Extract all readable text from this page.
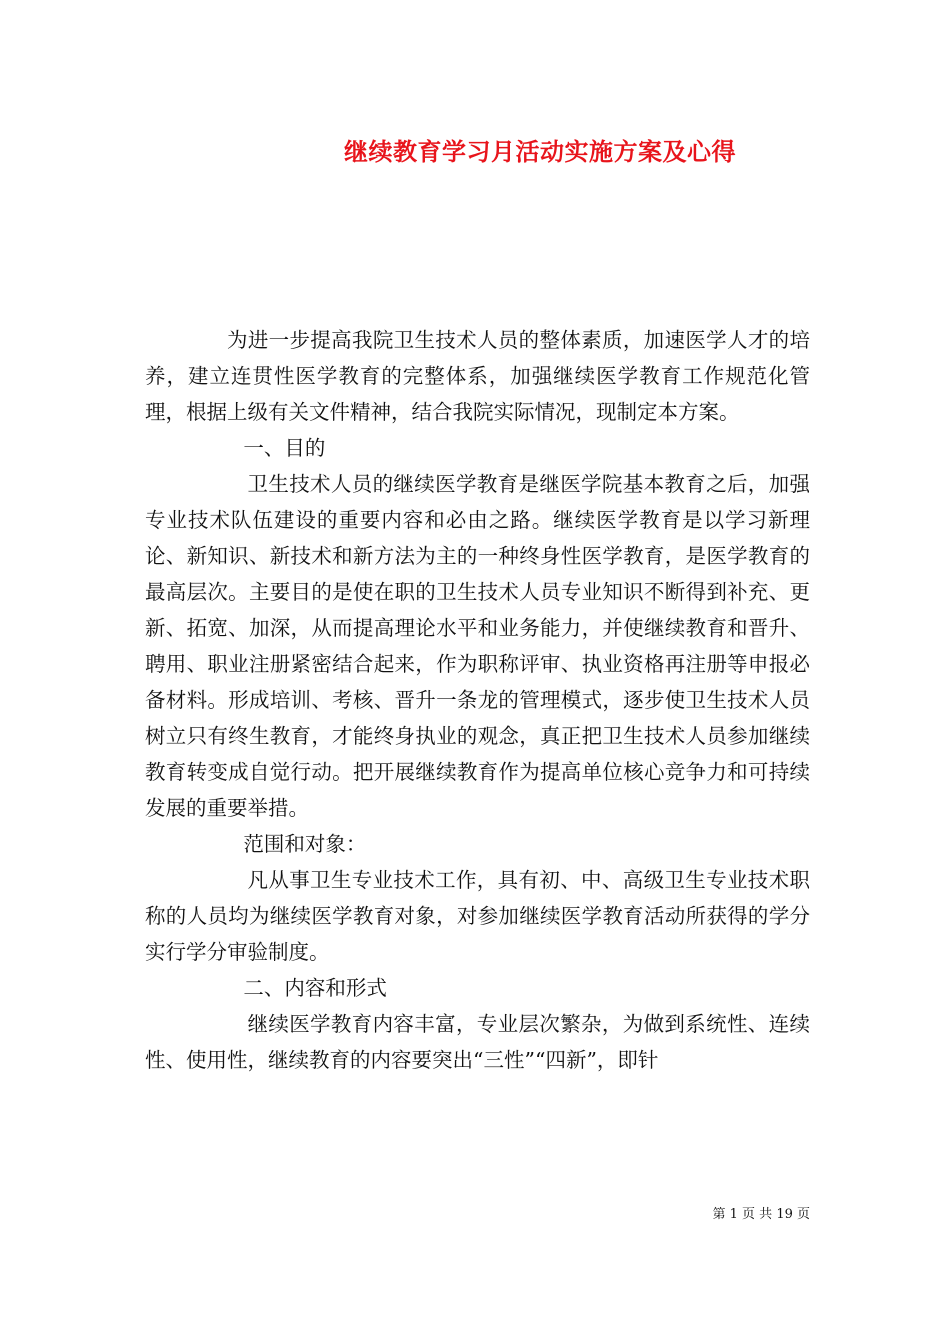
继续教育学习月活动实施方案及心得

为进一步提高我院卫生技术人员的整体素质，加速医学人才的培养，建立连贯性医学教育的完整体系，加强继续医学教育工作规范化管理，根据上级有关文件精神，结合我院实际情况，现制定本方案。

一、目的

卫生技术人员的继续医学教育是继医学院基本教育之后，加强专业技术队伍建设的重要内容和必由之路。继续医学教育是以学习新理论、新知识、新技术和新方法为主的一种终身性医学教育，是医学教育的最高层次。主要目的是使在职的卫生技术人员专业知识不断得到补充、更新、拓宽、加深，从而提高理论水平和业务能力，并使继续教育和晋升、聘用、职业注册紧密结合起来，作为职称评审、执业资格再注册等申报必备材料。形成培训、考核、晋升一条龙的管理模式，逐步使卫生技术人员树立只有终生教育，才能终身执业的观念，真正把卫生技术人员参加继续教育转变成自觉行动。把开展继续教育作为提高单位核心竞争力和可持续发展的重要举措。

范围和对象：

凡从事卫生专业技术工作，具有初、中、高级卫生专业技术职称的人员均为继续医学教育对象，对参加继续医学教育活动所获得的学分实行学分审验制度。

二、内容和形式

继续医学教育内容丰富，专业层次繁杂，为做到系统性、连续性、使用性，继续教育的内容要突出“三性”“四新”，即针

第 1 页 共 19 页
